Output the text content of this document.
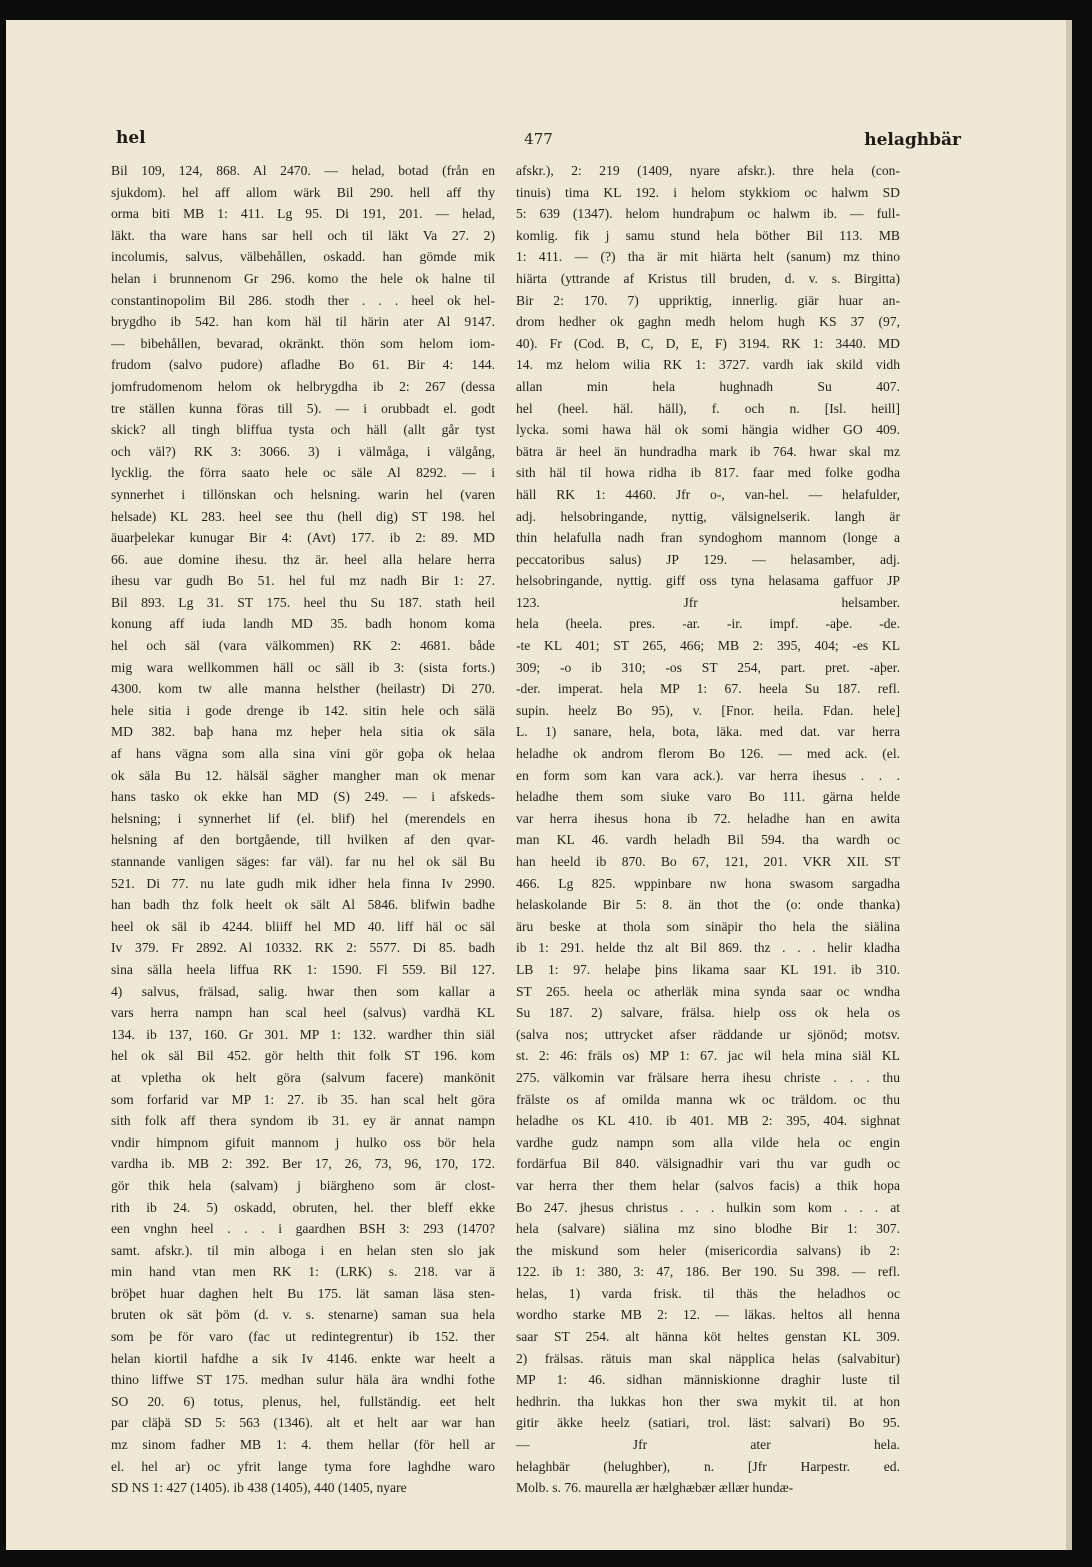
hel	477	helaghbär
Bil 109, 124, 868. Al 2470. — helad, botad (från en
sjukdom). hel aff allom wärk Bil 290. hell aff thy
orma biti MB 1: 411. Lg 95. Di 191, 201. — helad,
läkt. tha ware hans sar hell och til läkt Va 27. 2)
incolumis, salvus, välbehållen, oskadd. han gömde mik
helan i brunnenom Gr 296. komo the hele ok halne til
constantinopolim Bil 286. stodh ther . . . heel ok hel-
brygdho ib 542. han kom häl til härin ater Al 9147.
— bibehållen, bevarad, okränkt. thön som helom iom-
frudom (salvo pudore) afladhe Bo 61. Bir 4: 144.
jomfrudomenom helom ok helbrygdha ib 2: 267 (dessa
tre ställen kunna föras till 5). — i orubbadt el. godt
skick? all tingh bliffua tysta och häll (allt går tyst
och väl?) RK 3: 3066. 3) i välmåga, i välgång,
lycklig. the förra saato hele oc säle Al 8292. — i
synnerhet i tillönskan och helsning. warin hel (varen
helsade) KL 283. heel see thu (hell dig) ST 198. hel
äuarþelekar kunugar Bir 4: (Avt) 177. ib 2: 89. MD
66. aue domine ihesu. thz är. heel alla helare herra
ihesu var gudh Bo 51. hel ful mz nadh Bir 1: 27.
Bil 893. Lg 31. ST 175. heel thu Su 187. stath heil
konung aff iuda landh MD 35. badh honom koma
hel och säl (vara välkommen) RK 2: 4681. både
mig wara wellkommen häll oc säll ib 3: (sista forts.)
4300. kom tw alle manna helsther (heilastr) Di 270.
hele sitia i gode drenge ib 142. sitin hele och sälä
MD 382. baþ hana mz heþer hela sitia ok säla
af hans vägna som alla sina vini gör goþa ok helaa
ok säla Bu 12. hälsäl sägher mangher man ok menar
hans tasko ok ekke han MD (S) 249. — i afskeds-
helsning; i synnerhet lif (el. blif) hel (merendels en
helsning af den bortgående, till hvilken af den qvar-
stannande vanligen säges: far väl). far nu hel ok säl Bu
521. Di 77. nu late gudh mik idher hela finna Iv 2990.
han badh thz folk heelt ok sält Al 5846. blifwin badhe
heel ok säl ib 4244. bliiff hel MD 40. liff häl oc säl
Iv 379. Fr 2892. Al 10332. RK 2: 5577. Di 85. badh
sina sälla heela liffua RK 1: 1590. Fl 559. Bil 127.
4) salvus, frälsad, salig. hwar then som kallar a
vars herra nampn han scal heel (salvus) vardhä KL
134. ib 137, 160. Gr 301. MP 1: 132. wardher thin siäl
hel ok säl Bil 452. gör helth thit folk ST 196. kom
at vpletha ok helt göra (salvum facere) mankönit
som forfarid var MP 1: 27. ib 35. han scal helt göra
sith folk aff thera syndom ib 31. ey är annat nampn
vndir himpnom gifuit mannom j hulko oss bör hela
vardha ib. MB 2: 392. Ber 17, 26, 73, 96, 170, 172.
gör thik hela (salvam) j biärgheno som är clost-
rith ib 24. 5) oskadd, obruten, hel. ther bleff ekke
een vnghn heel . . . i gaardhen BSH 3: 293 (1470?
samt. afskr.). til min alboga i en helan sten slo jak
min hand vtan men RK 1: (LRK) s. 218. var ä
bröþet huar daghen helt Bu 175. lät saman läsa sten-
bruten ok sät þöm (d. v. s. stenarne) saman sua hela
som þe för varo (fac ut redintegrentur) ib 152. ther
helan kiortil hafdhe a sik Iv 4146. enkte war heelt a
thino liffwe ST 175. medhan sulur häla ära wndhi fothe
SO 20. 6) totus, plenus, hel, fullständig. eet helt
par cläþä SD 5: 563 (1346). alt et helt aar war han
mz sinom fadher MB 1: 4. them hellar (för hell ar
el. hel ar) oc yfrit lange tyma fore laghdhe waro
SD NS 1: 427 (1405). ib 438 (1405), 440 (1405, nyare
afskr.), 2: 219 (1409, nyare afskr.). thre hela (con-
tinuis) tima KL 192. i helom stykkiom oc halwm SD
5: 639 (1347). helom hundraþum oc halwm ib. — full-
komlig. fik j samu stund hela böther Bil 113. MB
1: 411. — (?) tha är mit hiärta helt (sanum) mz thino
hiärta (yttrande af Kristus till bruden, d. v. s. Birgitta)
Bir 2: 170. 7) uppriktig, innerlig. giär huar an-
drom hedher ok gaghn medh helom hugh KS 37 (97,
40). Fr (Cod. B, C, D, E, F) 3194. RK 1: 3440. MD
14. mz helom wilia RK 1: 3727. vardh iak skild vidh
allan min hela hughnadh Su 407.
hel (heel. häl. häll), f. och n. [Isl. heill]
lycka. somi hawa häl ok somi hängia widher GO 409.
bätra är heel än hundradha mark ib 764. hwar skal mz
sith häl til howa ridha ib 817. faar med folke godha
häll RK 1: 4460. Jfr o-, van-hel. — helafulder,
adj. helsobringande, nyttig, välsignelserik. langh är
thin helafulla nadh fran syndoghom mannom (longe a
peccatoribus salus) JP 129. — helasamber, adj.
helsobringande, nyttig. giff oss tyna helasama gaffuor JP
123. Jfr helsamber.
hela (heela. pres. -ar. -ir. impf. -aþe. -de.
-te KL 401; ST 265, 466; MB 2: 395, 404; -es KL
309; -o ib 310; -os ST 254, part. pret. -aþer.
-der. imperat. hela MP 1: 67. heela Su 187. refl.
supin. heelz Bo 95), v. [Fnor. heila. Fdan. hele]
L. 1) sanare, hela, bota, läka. med dat. var herra
heladhe ok androm flerom Bo 126. — med ack. (el.
en form som kan vara ack.). var herra ihesus . . .
heladhe them som siuke varo Bo 111. gärna helde
var herra ihesus hona ib 72. heladhe han en awita
man KL 46. vardh heladh Bil 594. tha wardh oc
han heeld ib 870. Bo 67, 121, 201. VKR XII. ST
466. Lg 825. wppinbare nw hona swasom sargadha
helaskolande Bir 5: 8. än thot the (o: onde thanka)
äru beske at thola som sinäpir tho hela the siälina
ib 1: 291. helde thz alt Bil 869. thz . . . helir kladha
LB 1: 97. helaþe þins likama saar KL 191. ib 310.
ST 265. heela oc atherläk mina synda saar oc wndha
Su 187. 2) salvare, frälsa. hielp oss ok hela os
(salva nos; uttrycket afser räddande ur sjönöd; motsv.
st. 2: 46: fräls os) MP 1: 67. jac wil hela mina siäl KL
275. välkomin var frälsare herra ihesu christe . . . thu
frälste os af omilda manna wk oc träldom. oc thu
heladhe os KL 410. ib 401. MB 2: 395, 404. sighnat
vardhe gudz nampn som alla vilde hela oc engin
fordärfua Bil 840. välsignadhir vari thu var gudh oc
var herra ther them helar (salvos facis) a thik hopa
Bo 247. jhesus christus . . . hulkin som kom . . . at
hela (salvare) siälina mz sino blodhe Bir 1: 307.
the miskund som heler (misericordia salvans) ib 2:
122. ib 1: 380, 3: 47, 186. Ber 190. Su 398. — refl.
helas, 1) varda frisk. til thäs the heladhos oc
wordho starke MB 2: 12. — läkas. heltos all henna
saar ST 254. alt hänna köt heltes genstan KL 309.
2) frälsas. rätuis man skal näpplica helas (salvabitur)
MP 1: 46. sidhan människionne draghir luste til
hedhrin. tha lukkas hon ther swa mykit til. at hon
gitir äkke heelz (satiari, trol. läst: salvari) Bo 95.
— Jfr ater hela.
helaghbär (helughber), n. [Jfr Harpestr. ed.
Molb. s. 76. maurella ær hælghæbær ællær hundæ-
